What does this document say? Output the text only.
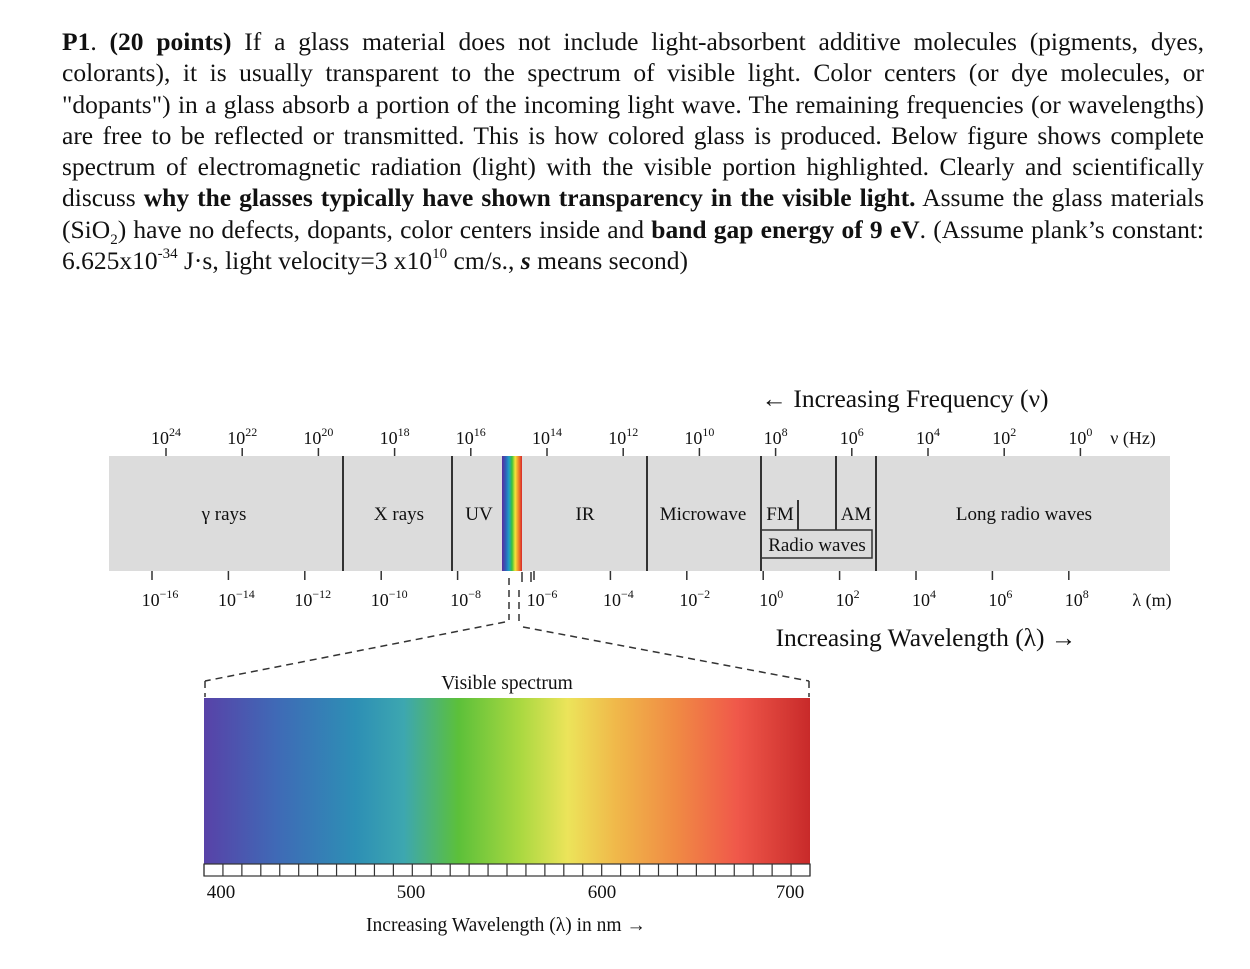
P1. (20 points) If a glass material does not include light-absorbent additive molecules (pigments, dyes, colorants), it is usually transparent to the spectrum of visible light. Color centers (or dye molecules, or "dopants") in a glass absorb a portion of the incoming light wave. The remaining frequencies (or wavelengths) are free to be reflected or transmitted. This is how colored glass is produced. Below figure shows complete spectrum of electromagnetic radiation (light) with the visible portion highlighted. Clearly and scientifically discuss why the glasses typically have shown transparency in the visible light. Assume the glass materials (SiO$_2$) have no defects, dopants, color centers inside and band gap energy of 9 eV. (Assume plank’s constant: $6.625x10^{-34}$ J·s, light velocity=3 $x10^{10}$ cm/s., s means second)
← Increasing Frequency (ν)
$10^{24}$	$10^{22}$	$10^{20}$	$10^{18}$	$10^{16}$	$10^{14}$	$10^{12}$	$10^{10}$	$10^8$	$10^6$	$10^4$	$10^2$	$10^0$ ν (Hz)
γ rays	X rays UV	IR	Microwave FM AM
Radio waves
Long radio waves
$10^{-16}$ $10^{-14}$ $10^{-12}$ $10^{-10}$ $10^{-8}$	$10^{-6}$	$10^{-4}$	$10^{-2}$	$10^0$	$10^2$	$10^4$	$10^6$	$10^8$ λ (m)
Increasing Wavelength (λ) →
Visible spectrum
400	500	600	700
Increasing Wavelength (λ) in nm →
